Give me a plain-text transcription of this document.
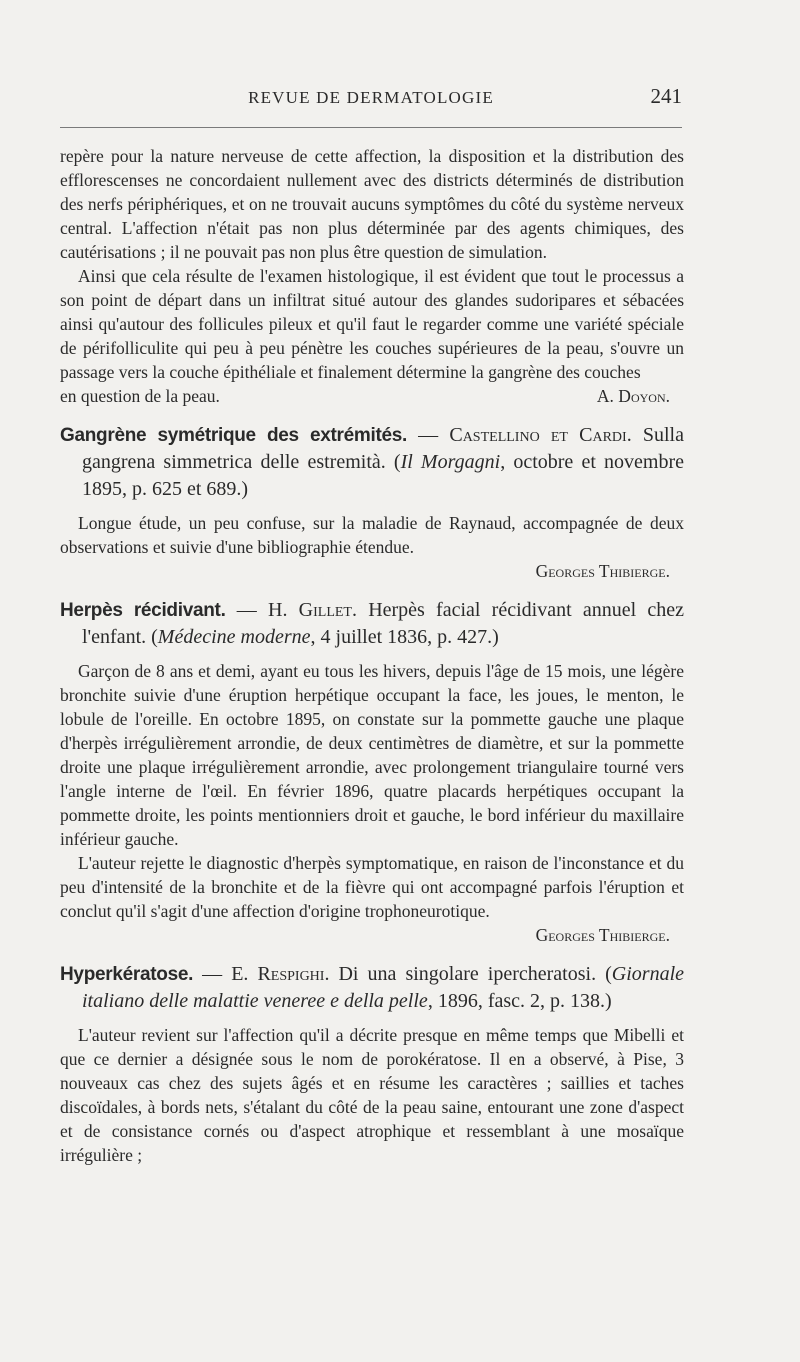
REVUE DE DERMATOLOGIE	241

repère pour la nature nerveuse de cette affection, la disposition et la distribution des efflorescenses ne concordaient nullement avec des districts déterminés de distribution des nerfs périphériques, et on ne trouvait aucuns symptômes du côté du système nerveux central. L'affection n'était pas non plus déterminée par des agents chimiques, des cautérisations ; il ne pouvait pas non plus être question de simulation.

Ainsi que cela résulte de l'examen histologique, il est évident que tout le processus a son point de départ dans un infiltrat situé autour des glandes sudoripares et sébacées ainsi qu'autour des follicules pileux et qu'il faut le regarder comme une variété spéciale de périfolliculite qui peu à peu pénètre les couches supérieures de la peau, s'ouvre un passage vers la couche épithéliale et finalement détermine la gangrène des couches

en question de la peau.	A. Doyon.

Gangrène symétrique des extrémités. — Castellino et Cardi. Sulla gangrena simmetrica delle estremità. (Il Morgagni, octobre et novembre 1895, p. 625 et 689.)

Longue étude, un peu confuse, sur la maladie de Raynaud, accompagnée de deux observations et suivie d'une bibliographie étendue.

Georges Thibierge.

Herpès récidivant. — H. Gillet. Herpès facial récidivant annuel chez l'enfant. (Médecine moderne, 4 juillet 1836, p. 427.)

Garçon de 8 ans et demi, ayant eu tous les hivers, depuis l'âge de 15 mois, une légère bronchite suivie d'une éruption herpétique occupant la face, les joues, le menton, le lobule de l'oreille. En octobre 1895, on constate sur la pommette gauche une plaque d'herpès irrégulièrement arrondie, de deux centimètres de diamètre, et sur la pommette droite une plaque irrégulièrement arrondie, avec prolongement triangulaire tourné vers l'angle interne de l'œil. En février 1896, quatre placards herpétiques occupant la pommette droite, les points mentionniers droit et gauche, le bord inférieur du maxillaire inférieur gauche.

L'auteur rejette le diagnostic d'herpès symptomatique, en raison de l'inconstance et du peu d'intensité de la bronchite et de la fièvre qui ont accompagné parfois l'éruption et conclut qu'il s'agit d'une affection d'origine trophoneurotique.

Georges Thibierge.

Hyperkératose. — E. Respighi. Di una singolare ipercheratosi. (Giornale italiano delle malattie veneree e della pelle, 1896, fasc. 2, p. 138.)

L'auteur revient sur l'affection qu'il a décrite presque en même temps que Mibelli et que ce dernier a désignée sous le nom de porokératose. Il en a observé, à Pise, 3 nouveaux cas chez des sujets âgés et en résume les caractères ; saillies et taches discoïdales, à bords nets, s'étalant du côté de la peau saine, entourant une zone d'aspect et de consistance cornés ou d'aspect atrophique et ressemblant à une mosaïque irrégulière ;
